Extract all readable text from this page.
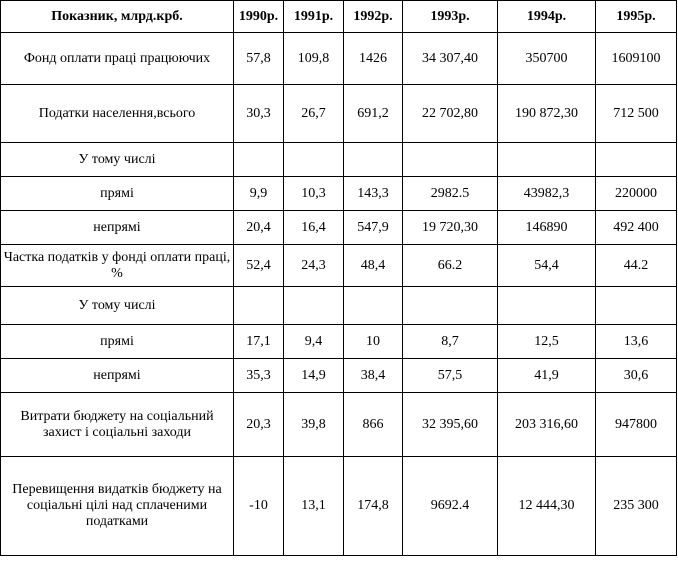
Показник, млрд.крб.	1990р.	1991р.	1992р.	1993р.	1994р.	1995р.
Фонд оплати праці працюючих	57,8	109,8	1426	34 307,40	350700	1609100
Податки населення,всього	30,3	26,7	691,2	22 702,80	190 872,30	712 500
У тому числі						
прямі	9,9	10,3	143,3	2982.5	43982,3	220000
непрямі	20,4	16,4	547,9	19 720,30	146890	492 400
Частка податків у фонді оплати праці, %	52,4	24,3	48,4	66.2	54,4	44.2
У тому числі						
прямі	17,1	9,4	10	8,7	12,5	13,6
непрямі	35,3	14,9	38,4	57,5	41,9	30,6
Витрати бюджету на соціальний захист і соціальні заходи	20,3	39,8	866	32 395,60	203 316,60	947800
Перевищення видатків бюджету на соціальні цілі над сплаченими податками	-10	13,1	174,8	9692.4	12 444,30	235 300
